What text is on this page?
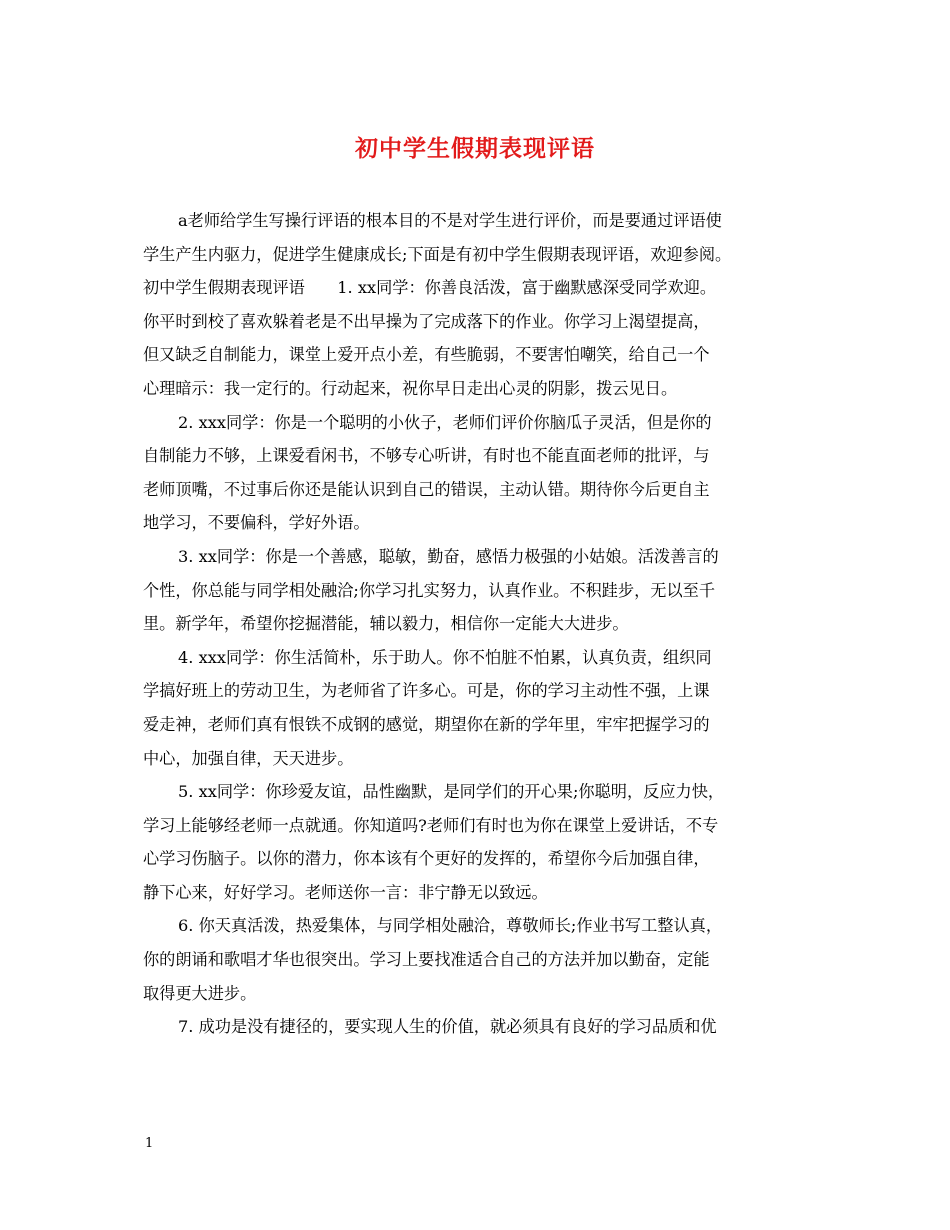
初中学生假期表现评语
a老师给学生写操行评语的根本目的不是对学生进行评价，而是要通过评语使
学生产生内驱力，促进学生健康成长;下面是有初中学生假期表现评语，欢迎参阅。
初中学生假期表现评语　　1. xx同学：你善良活泼，富于幽默感深受同学欢迎。
你平时到校了喜欢躲着老是不出早操为了完成落下的作业。你学习上渴望提高，
但又缺乏自制能力，课堂上爱开点小差，有些脆弱，不要害怕嘲笑，给自己一个
心理暗示：我一定行的。行动起来，祝你早日走出心灵的阴影，拨云见日。
2. xxx同学：你是一个聪明的小伙子，老师们评价你脑瓜子灵活，但是你的
自制能力不够，上课爱看闲书，不够专心听讲，有时也不能直面老师的批评，与
老师顶嘴，不过事后你还是能认识到自己的错误，主动认错。期待你今后更自主
地学习，不要偏科，学好外语。
3. xx同学：你是一个善感，聪敏，勤奋，感悟力极强的小姑娘。活泼善言的
个性，你总能与同学相处融洽;你学习扎实努力，认真作业。不积跬步，无以至千
里。新学年，希望你挖掘潜能，辅以毅力，相信你一定能大大进步。
4. xxx同学：你生活简朴，乐于助人。你不怕脏不怕累，认真负责，组织同
学搞好班上的劳动卫生，为老师省了许多心。可是，你的学习主动性不强，上课
爱走神，老师们真有恨铁不成钢的感觉，期望你在新的学年里，牢牢把握学习的
中心，加强自律，天天进步。
5. xx同学：你珍爱友谊，品性幽默，是同学们的开心果;你聪明，反应力快，
学习上能够经老师一点就通。你知道吗?老师们有时也为你在课堂上爱讲话，不专
心学习伤脑子。以你的潜力，你本该有个更好的发挥的，希望你今后加强自律，
静下心来，好好学习。老师送你一言：非宁静无以致远。
6. 你天真活泼，热爱集体，与同学相处融洽，尊敬师长;作业书写工整认真，
你的朗诵和歌唱才华也很突出。学习上要找准适合自己的方法并加以勤奋，定能
取得更大进步。
7. 成功是没有捷径的，要实现人生的价值，就必须具有良好的学习品质和优
1
